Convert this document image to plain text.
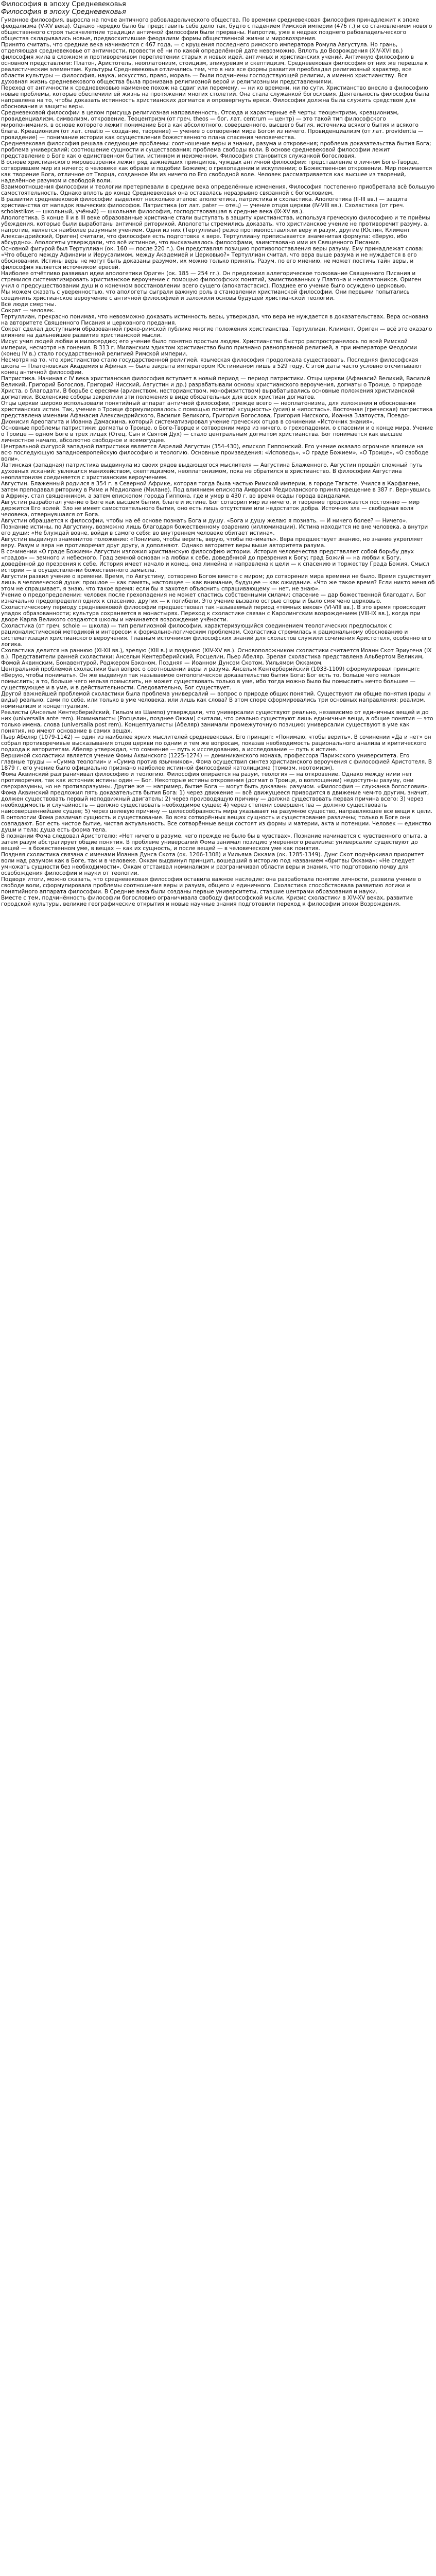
Философия в эпоху Средневековья
Философия в эпоху Средневековья

Гуманное философия, выросла на почве античного рабовладельческого общества. По времени средневековая философия принадлежит к эпохе феодализма (V-XV века). Однако нередко было бы представить себе дело так, будто с падением Римской империи (476 г.) и со становлением нового общественного строя тысячелетние традиции античной философии были прерваны. Напротив, уже в недрах позднего рабовладельческого общества складывались новые, предвосхитившие феодализм формы общественной жизни и мировоззрения.

Принято считать, что средние века начинаются с 467 года, — с крушения последнего римского императора Ромула Августула. Но грань, отделяющая средневековье от античности, провести её ни по какой определённой дате невозможно. Вплоть до Возрождения (XIV-XVI вв.) философия жила в сложном и противоречивом переплетении старых и новых идей, античных и христианских учений. Античную философию в основном представляли: Платон, Аристотель, неоплатонизм, стоицизм, эпикуреизм и скептицизм. Средневековая философия от них же перешла к реалистическим элементам. Культуры Средневековья отличались тем, что в них все формы развития преобладал религиозный характер, все области культуры — философия, наука, искусство, право, мораль — были подчинены господствующей религии, а именно христианству. Вся духовная жизнь средневекового общества была пронизана религиозной верой и религиозными представлениями.

Переход от античности к средневековью наименее похож на сдвиг или перемену, — ни ко времени, ни по сути. Христианство внесло в философию новые проблемы, которые обеспечили ей жизнь на протяжении многих столетий. Она стала служанкой богословия. Деятельность философов была направлена на то, чтобы доказать истинность христианских догматов и опровергнуть ереси. Философия должна была служить средством для обоснования и защиты веры.

Средневековой философии в целом присуща религиозная направленность. Отсюда и характерные её черты: теоцентризм, креационизм, провиденциализм, символизм, откровение. Теоцентризм (от греч. theos — бог, лат. centrum — центр) — это такой тип философского миропонимания, в основе которого лежит понимание Бога как абсолютного, совершенного, высшего бытия, источника всякого бытия и всякого блага. Креационизм (от лат. creatio — создание, творение) — учение о сотворении мира Богом из ничего. Провиденциализм (от лат. providentia — провидение) — понимание истории как осуществления божественного плана спасения человечества.

Средневековая философия решала следующие проблемы: соотношение веры и знания, разума и откровения; проблема доказательства бытия Бога; проблема универсалий; соотношение сущности и существования; проблема свободы воли. В основе средневековой философии лежит представление о Боге как о единственном бытии, истинном и неизменном. Философия становится служанкой богословия.

В основе христианского мировоззрения лежит ряд важнейших принципов, чуждых античной философии: представление о личном Боге-Творце, сотворившем мир из ничего; о человеке как образе и подобии Божием; о грехопадении и искуплении; о Божественном откровении. Мир понимается как творение Бога, отличное от Творца, созданное Им из ничего по Его свободной воле. Человек рассматривается как высшее из творений, наделённое разумом и свободой воли.

Взаимоотношения философии и теологии претерпевали в средние века определённые изменения. Философия постепенно приобретала всё большую самостоятельность. Однако вплоть до конца Средневековья она оставалась неразрывно связанной с богословием.

В развитии средневековой философии выделяют несколько этапов: апологетика, патристика и схоластика. Апологетика (II-III вв.) — защита христианства от нападок языческих философов. Патристика (от лат. pater — отец) — учение отцов церкви (IV-VIII вв.). Схоластика (от греч. scholastikos — школьный, учёный) — школьная философия, господствовавшая в средние века (IX-XV вв.).

Апологетика. В конце II и в III веке образованные христиане стали выступать в защиту христианства, используя греческую философию и те приёмы убеждения, которые были выработаны античной риторикой. Апологеты стремились доказать, что христианское учение не противоречит разуму, а, напротив, является наиболее разумным учением. Одни из них (Тертуллиан) резко противопоставляли веру и разум, другие (Юстин, Климент Александрийский, Ориген) считали, что философия есть подготовка к вере. Тертуллиану приписывается знаменитая формула: «Верую, ибо абсурдно». Апологеты утверждали, что всё истинное, что высказывалось философами, заимствовано ими из Священного Писания.

Основной фигурой был Тертуллиан (ок. 160 — после 220 г.). Он представлял позицию противопоставления веры разуму. Ему принадлежат слова: «Что общего между Афинами и Иерусалимом, между Академией и Церковью?» Тертуллиан считал, что вера выше разума и не нуждается в его обосновании. Истины веры не могут быть доказаны разумом, их можно только принять. Разум, по его мнению, не может постичь тайн веры, и философия является источником ересей.

Наиболее отчётливо развивал идеи апологетики Ориген (ок. 185 — 254 гг.). Он предложил аллегорическое толкование Священного Писания и стремился систематизировать христианское вероучение с помощью философских понятий, заимствованных у Платона и неоплатоников. Ориген учил о предсуществовании душ и о конечном восстановлении всего сущего (апокатастасис). Позднее его учение было осуждено церковью.

Мы можем сказать с уверенностью, что апологеты сыграли важную роль в становлении христианской философии. Они первыми попытались соединить христианское вероучение с античной философией и заложили основы будущей христианской теологии.

Всё люди смертны.

Сократ — человек.

Тертуллиан, прекрасно понимая, что невозможно доказать истинность веры, утверждал, что вера не нуждается в доказательствах. Вера основана на авторитете Священного Писания и церковного предания.

Сократ сделал доступными образованной греко-римской публике многие положения христианства. Тертуллиан, Климент, Ориген — всё это оказало влияние на дальнейшее развитие христианской мысли.

Иисус учил людей любви и милосердию; его учение было понятно простым людям. Христианство быстро распространялось по всей Римской империи, несмотря на гонения. В 313 г. Миланским эдиктом христианство было признано равноправной религией, а при императоре Феодосии (конец IV в.) стало государственной религией Римской империи.

Несмотря на то, что христианство стало государственной религией, языческая философия продолжала существовать. Последняя философская школа — Платоновская Академия в Афинах — была закрыта императором Юстинианом лишь в 529 году. С этой даты часто условно отсчитывают конец античной философии.

Патристика. Начиная с IV века христианская философия вступает в новый период — период патристики. Отцы церкви (Афанасий Великий, Василий Великий, Григорий Богослов, Григорий Нисский, Августин и др.) разрабатывали основы христианского вероучения, догматы о Троице, о природе Христа, о благодати. В борьбе с ересями (арианством, несторианством, монофизитством) вырабатывались основные положения христианской догматики. Вселенские соборы закрепили эти положения в виде обязательных для всех христиан догматов.

Отцы церкви широко использовали понятийный аппарат античной философии, прежде всего — неоплатонизма, для изложения и обоснования христианских истин. Так, учение о Троице формулировалось с помощью понятий «сущность» (усия) и «ипостась». Восточная (греческая) патристика представлена именами Афанасия Александрийского, Василия Великого, Григория Богослова, Григория Нисского, Иоанна Златоуста, Псевдо-Дионисия Ареопагита и Иоанна Дамаскина, который систематизировал учение греческих отцов в сочинении «Источник знания».

Основные проблемы патристики: догматы о Троице, о Боге-Творце и сотворении мира из ничего, о грехопадении, о спасении и о конце мира. Учение о Троице — одном Боге в трёх лицах (Отец, Сын и Святой Дух) — стало центральным догматом христианства. Бог понимается как высшее личностное начало, абсолютно свободное и всемогущее.

Центральной фигурой западной патристики является Аврелий Августин (354-430), епископ Гиппонский. Его учение оказало огромное влияние на всю последующую западноевропейскую философию и теологию. Основные произведения: «Исповедь», «О граде Божием», «О Троице», «О свободе воли».

Латинская (западная) патристика выдвинула из своих рядов выдающегося мыслителя — Августина Блаженного. Августин прошёл сложный путь духовных исканий: увлекался манихейством, скептицизмом, неоплатонизмом, пока не обратился в христианство. В философии Августина неоплатонизм соединяется с христианским вероучением.

Августин. Блаженный родился в 354 г. в Северной Африке, которая тогда была частью Римской империи, в городе Тагасте. Учился в Карфагене, затем преподавал риторику в Риме и Медиолане (Милане). Под влиянием епископа Амвросия Медиоланского принял крещение в 387 г. Вернувшись в Африку, стал священником, а затем епископом города Гиппона, где и умер в 430 г. во время осады города вандалами.

Августин разработал учение о Боге как высшем бытии, благе и истине. Бог сотворил мир из ничего, и творение продолжается постоянно — мир держится Его волей. Зло не имеет самостоятельного бытия, оно есть лишь отсутствие или недостаток добра. Источник зла — свободная воля человека, отвернувшаяся от Бога.

Августин обращается к философии, чтобы на её основе познать Бога и душу. «Бога и душу желаю я познать. — И ничего более? — Ничего». Познание истины, по Августину, возможно лишь благодаря божественному озарению (иллюминации). Истина находится не вне человека, а внутри его души: «Не блуждай вовне, войди в самого себя: во внутреннем человеке обитает истина».

Августин выдвинул знаменитое положение: «Понимаю, чтобы верить, верую, чтобы понимать». Вера предшествует знанию, но знание укрепляет веру. Разум и вера не противоречат друг другу, а дополняют. Однако авторитет веры выше авторитета разума.

В сочинении «О граде Божием» Августин изложил христианскую философию истории. История человечества представляет собой борьбу двух «градов» — земного и небесного. Град земной основан на любви к себе, доведённой до презрения к Богу; град Божий — на любви к Богу, доведённой до презрения к себе. История имеет начало и конец, она линейна и направлена к цели — к спасению и торжеству Града Божия. Смысл истории — в осуществлении божественного замысла.

Августин развил учение о времени. Время, по Августину, сотворено Богом вместе с миром; до сотворения мира времени не было. Время существует лишь в человеческой душе: прошлое — как память, настоящее — как внимание, будущее — как ожидание. «Что же такое время? Если никто меня об этом не спрашивает, я знаю, что такое время; если бы я захотел объяснить спрашивающему — нет, не знаю».

Учение о предопределении: человек после грехопадения не может спастись собственными силами; спасение — дар божественной благодати. Бог изначально предопределил одних к спасению, других — к погибели. Это учение вызвало острые споры и было смягчено церковью.

Схоластическому периоду средневековой философии предшествовал так называемый период «тёмных веков» (VI-VIII вв.). В это время происходит упадок образованности; культура сохраняется в монастырях. Переход к схоластике связан с Каролингским возрождением (VIII-IX вв.), когда при дворе Карла Великого создаются школы и начинается возрождение учёности.

Схоластика (от греч. schole — школа) — тип религиозной философии, характеризующийся соединением теологических предпосылок с рационалистической методикой и интересом к формально-логическим проблемам. Схоластика стремилась к рациональному обоснованию и систематизации христианского вероучения. Главным источником философских знаний для схоластов служили сочинения Аристотеля, особенно его логика.

Схоластика делится на раннюю (XI-XII вв.), зрелую (XIII в.) и позднюю (XIV-XV вв.). Основоположником схоластики считается Иоанн Скот Эриугена (IX в.). Представители ранней схоластики: Ансельм Кентерберийский, Росцелин, Пьер Абеляр. Зрелая схоластика представлена Альбертом Великим, Фомой Аквинским, Бонавентурой, Роджером Бэконом. Поздняя — Иоанном Дунсом Скотом, Уильямом Оккамом.

Центральной проблемой схоластики был вопрос о соотношении веры и разума. Ансельм Кентерберийский (1033-1109) сформулировал принцип: «Верую, чтобы понимать». Он же выдвинул так называемое онтологическое доказательство бытия Бога: Бог есть то, больше чего нельзя помыслить; а то, больше чего нельзя помыслить, не может существовать только в уме, ибо тогда можно было бы помыслить нечто большее — существующее и в уме, и в действительности. Следовательно, Бог существует.

Другой важнейшей проблемой схоластики была проблема универсалий — вопрос о природе общих понятий. Существуют ли общие понятия (роды и виды) реально, сами по себе, или только в уме человека, или лишь как слова? В этом споре сформировались три основных направления: реализм, номинализм и концептуализм.

Реалисты (Ансельм Кентерберийский, Гильом из Шампо) утверждали, что универсалии существуют реально, независимо от единичных вещей и до них (universalia ante rem). Номиналисты (Росцелин, позднее Оккам) считали, что реально существуют лишь единичные вещи, а общие понятия — это только имена, слова (universalia post rem). Концептуалисты (Абеляр) занимали промежуточную позицию: универсалии существуют в уме как понятия, но имеют основание в самих вещах.

Пьер Абеляр (1079-1142) — один из наиболее ярких мыслителей средневековья. Его принцип: «Понимаю, чтобы верить». В сочинении «Да и нет» он собрал противоречивые высказывания отцов церкви по одним и тем же вопросам, показав необходимость рационального анализа и критического подхода к авторитетам. Абеляр утверждал, что сомнение — путь к исследованию, а исследование — путь к истине.

Вершиной схоластики является учение Фомы Аквинского (1225-1274) — доминиканского монаха, профессора Парижского университета. Его главные труды — «Сумма теологии» и «Сумма против язычников». Фома осуществил синтез христианского вероучения с философией Аристотеля. В 1879 г. его учение было официально признано наиболее истинной философией католицизма (томизм, неотомизм).

Фома Аквинский разграничивал философию и теологию. Философия опирается на разум, теология — на откровение. Однако между ними нет противоречия, так как источник истины один — Бог. Некоторые истины откровения (догмат о Троице, о воплощении) недоступны разуму, они сверхразумны, но не противоразумны. Другие же — например, бытие Бога — могут быть доказаны разумом. «Философия — служанка богословия».

Фома Аквинский предложил пять доказательств бытия Бога: 1) через движение — всё движущееся приводится в движение чем-то другим, значит, должен существовать первый неподвижный двигатель; 2) через производящую причину — должна существовать первая причина всего; 3) через необходимость и случайность — должно существовать необходимое сущее; 4) через степени совершенства — должно существовать наисовершеннейшее сущее; 5) через целевую причину — целесообразность мира указывает на разумное существо, направляющее все вещи к цели.

В онтологии Фома различал сущность и существование. Во всех сотворённых вещах сущность и существование различны; только в Боге они совпадают. Бог есть чистое бытие, чистая актуальность. Все сотворённые вещи состоят из формы и материи, акта и потенции. Человек — единство души и тела; душа есть форма тела.

В познании Фома следовал Аристотелю: «Нет ничего в разуме, чего прежде не было бы в чувствах». Познание начинается с чувственного опыта, а затем разум абстрагирует общие понятия. В проблеме универсалий Фома занимал позицию умеренного реализма: универсалии существуют до вещей — в божественном уме, в вещах — как их сущность, и после вещей — в человеческом уме как понятия.

Поздняя схоластика связана с именами Иоанна Дунса Скота (ок. 1266-1308) и Уильяма Оккама (ок. 1285-1349). Дунс Скот подчёркивал приоритет воли над разумом как в Боге, так и в человеке. Оккам выдвинул принцип, вошедший в историю под названием «бритвы Оккама»: «Не следует умножать сущности без необходимости». Оккам отстаивал номинализм и разграничивал области веры и знания, что подготовило почву для освобождения философии и науки от теологии.

Подводя итоги, можно сказать, что средневековая философия оставила важное наследие: она разработала понятие личности, развила учение о свободе воли, сформулировала проблемы соотношения веры и разума, общего и единичного. Схоластика способствовала развитию логики и понятийного аппарата философии. В Средние века были созданы первые университеты, ставшие центрами образования и науки.

Вместе с тем, подчинённость философии богословию ограничивала свободу философской мысли. Кризис схоластики в XIV-XV веках, развитие городской культуры, великие географические открытия и новые научные знания подготовили переход к философии эпохи Возрождения.
